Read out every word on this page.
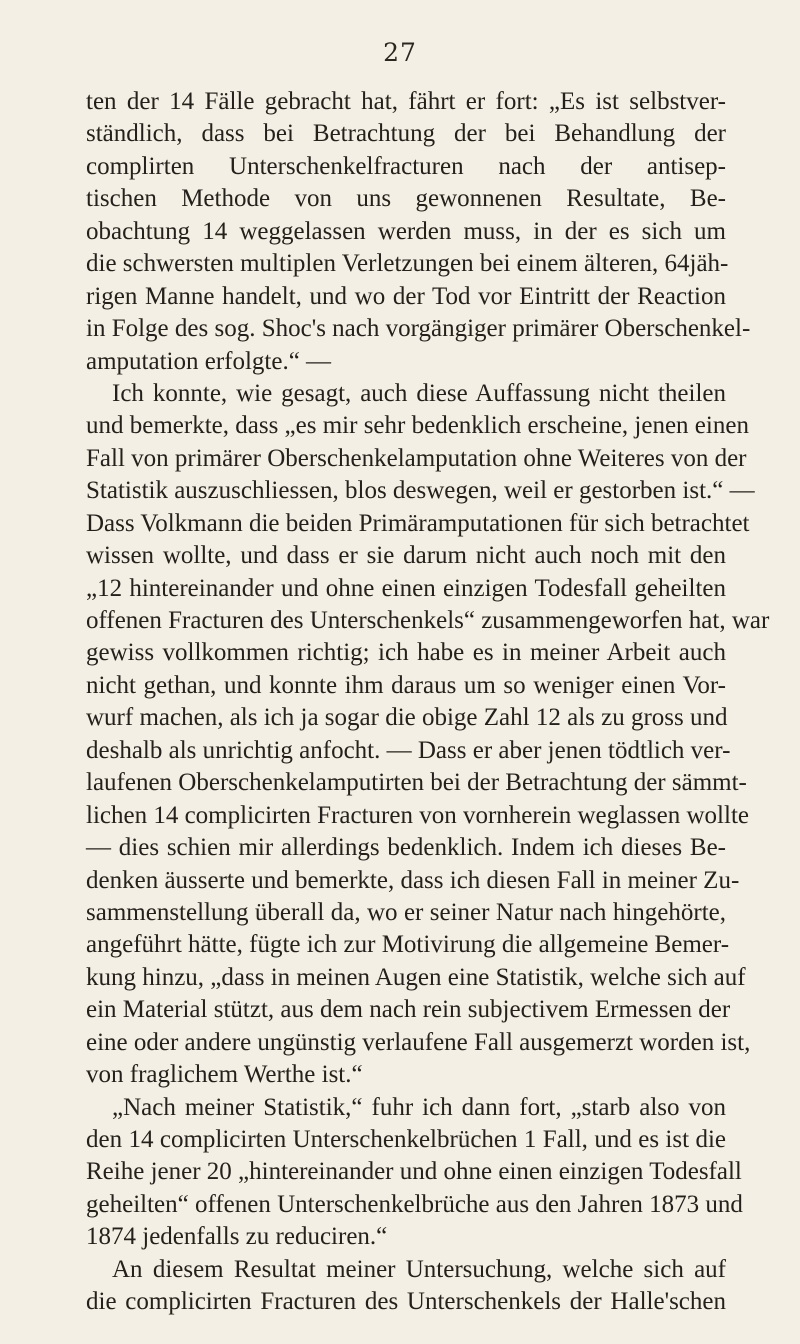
27
ten der 14 Fälle gebracht hat, fährt er fort: „Es ist selbstver-
ständlich, dass bei Betrachtung der bei Behandlung der
complirten Unterschenkelfracturen nach der antisep-
tischen Methode von uns gewonnenen Resultate, Be-
obachtung 14 weggelassen werden muss, in der es sich um
die schwersten multiplen Verletzungen bei einem älteren, 64jäh-
rigen Manne handelt, und wo der Tod vor Eintritt der Reaction
in Folge des sog. Shoc's nach vorgängiger primärer Oberschenkel-
amputation erfolgte.“ —
Ich konnte, wie gesagt, auch diese Auffassung nicht theilen
und bemerkte, dass „es mir sehr bedenklich erscheine, jenen einen
Fall von primärer Oberschenkelamputation ohne Weiteres von der
Statistik auszuschliessen, blos deswegen, weil er gestorben ist.“ —
Dass Volkmann die beiden Primäramputationen für sich betrachtet
wissen wollte, und dass er sie darum nicht auch noch mit den
„12 hintereinander und ohne einen einzigen Todesfall geheilten
offenen Fracturen des Unterschenkels“ zusammengeworfen hat, war
gewiss vollkommen richtig; ich habe es in meiner Arbeit auch
nicht gethan, und konnte ihm daraus um so weniger einen Vor-
wurf machen, als ich ja sogar die obige Zahl 12 als zu gross und
deshalb als unrichtig anfocht. — Dass er aber jenen tödtlich ver-
laufenen Oberschenkelamputirten bei der Betrachtung der sämmt-
lichen 14 complicirten Fracturen von vornherein weglassen wollte
— dies schien mir allerdings bedenklich. Indem ich dieses Be-
denken äusserte und bemerkte, dass ich diesen Fall in meiner Zu-
sammenstellung überall da, wo er seiner Natur nach hingehörte,
angeführt hätte, fügte ich zur Motivirung die allgemeine Bemer-
kung hinzu, „dass in meinen Augen eine Statistik, welche sich auf
ein Material stützt, aus dem nach rein subjectivem Ermessen der
eine oder andere ungünstig verlaufene Fall ausgemerzt worden ist,
von fraglichem Werthe ist.“
„Nach meiner Statistik,“ fuhr ich dann fort, „starb also von
den 14 complicirten Unterschenkelbrüchen 1 Fall, und es ist die
Reihe jener 20 „hintereinander und ohne einen einzigen Todesfall
geheilten“ offenen Unterschenkelbrüche aus den Jahren 1873 und
1874 jedenfalls zu reduciren.“
An diesem Resultat meiner Untersuchung, welche sich auf
die complicirten Fracturen des Unterschenkels der Halle'schen
